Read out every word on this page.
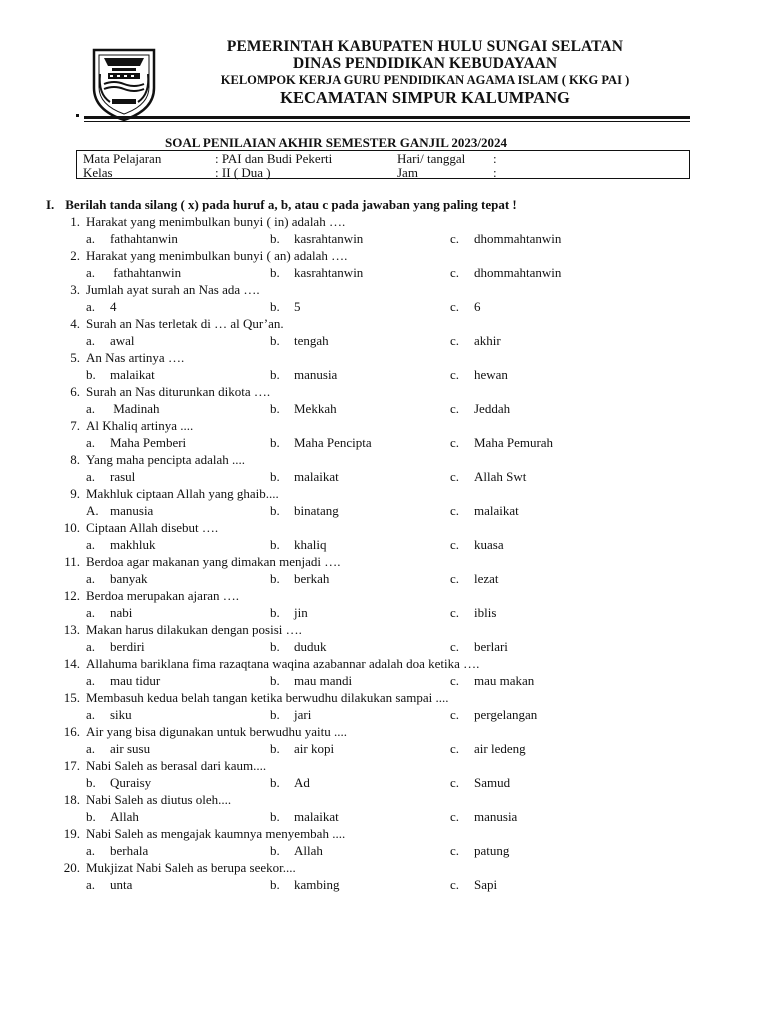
PEMERINTAH KABUPATEN HULU SUNGAI SELATAN
DINAS PENDIDIKAN KEBUDAYAAN
KELOMPOK KERJA GURU PENDIDIKAN AGAMA ISLAM ( KKG PAI )
KECAMATAN SIMPUR KALUMPANG
SOAL PENILAIAN AKHIR SEMESTER GANJIL 2023/2024
Mata Pelajaran	: PAI dan Budi Pekerti	Hari/ tanggal :
Kelas	: II ( Dua )	Jam	:
I. Berilah tanda silang ( x) pada huruf a, b, atau c pada jawaban yang paling tepat !
1. Harakat yang menimbulkan bunyi ( in) adalah ….
a. fathahtanwin	b. kasrahtanwin	c. dhommahtanwin
2. Harakat yang menimbulkan bunyi ( an) adalah ….
a. fathahtanwin	b. kasrahtanwin	c. dhommahtanwin
3. Jumlah ayat surah an Nas ada ….
a. 4	b. 5	c. 6
4. Surah an Nas terletak di … al Qur’an.
a. awal	b. tengah	c. akhir
5. An Nas artinya ….
b. malaikat	b. manusia	c. hewan
6. Surah an Nas diturunkan dikota ….
a. Madinah	b. Mekkah	c. Jeddah
7. Al Khaliq artinya ....
a. Maha Pemberi	b. Maha Pencipta	c. Maha Pemurah
8. Yang maha pencipta adalah ....
a. rasul	b. malaikat	c. Allah Swt
9. Makhluk ciptaan Allah yang ghaib....
A. manusia	b. binatang	c. malaikat
10. Ciptaan Allah disebut ….
a. makhluk	b. khaliq	c. kuasa
11. Berdoa agar makanan yang dimakan menjadi ….
a. banyak	b. berkah	c. lezat
12. Berdoa merupakan ajaran ….
a. nabi	b. jin	c. iblis
13. Makan harus dilakukan dengan posisi ….
a. berdiri	b. duduk	c. berlari
14. Allahuma bariklana fima razaqtana waqina azabannar adalah doa ketika ….
a. mau tidur	b. mau mandi	c. mau makan
15. Membasuh kedua belah tangan ketika berwudhu dilakukan sampai ....
a. siku	b. jari	c. pergelangan
16. Air yang bisa digunakan untuk berwudhu yaitu ....
a. air susu	b. air kopi	c. air ledeng
17. Nabi Saleh as berasal dari kaum....
b. Quraisy	b. Ad	c. Samud
18. Nabi Saleh as diutus oleh....
b. Allah	b. malaikat	c. manusia
19. Nabi Saleh as mengajak kaumnya menyembah ....
a. berhala	b. Allah	c. patung
20. Mukjizat Nabi Saleh as berupa seekor....
a. unta	b. kambing	c. Sapi
